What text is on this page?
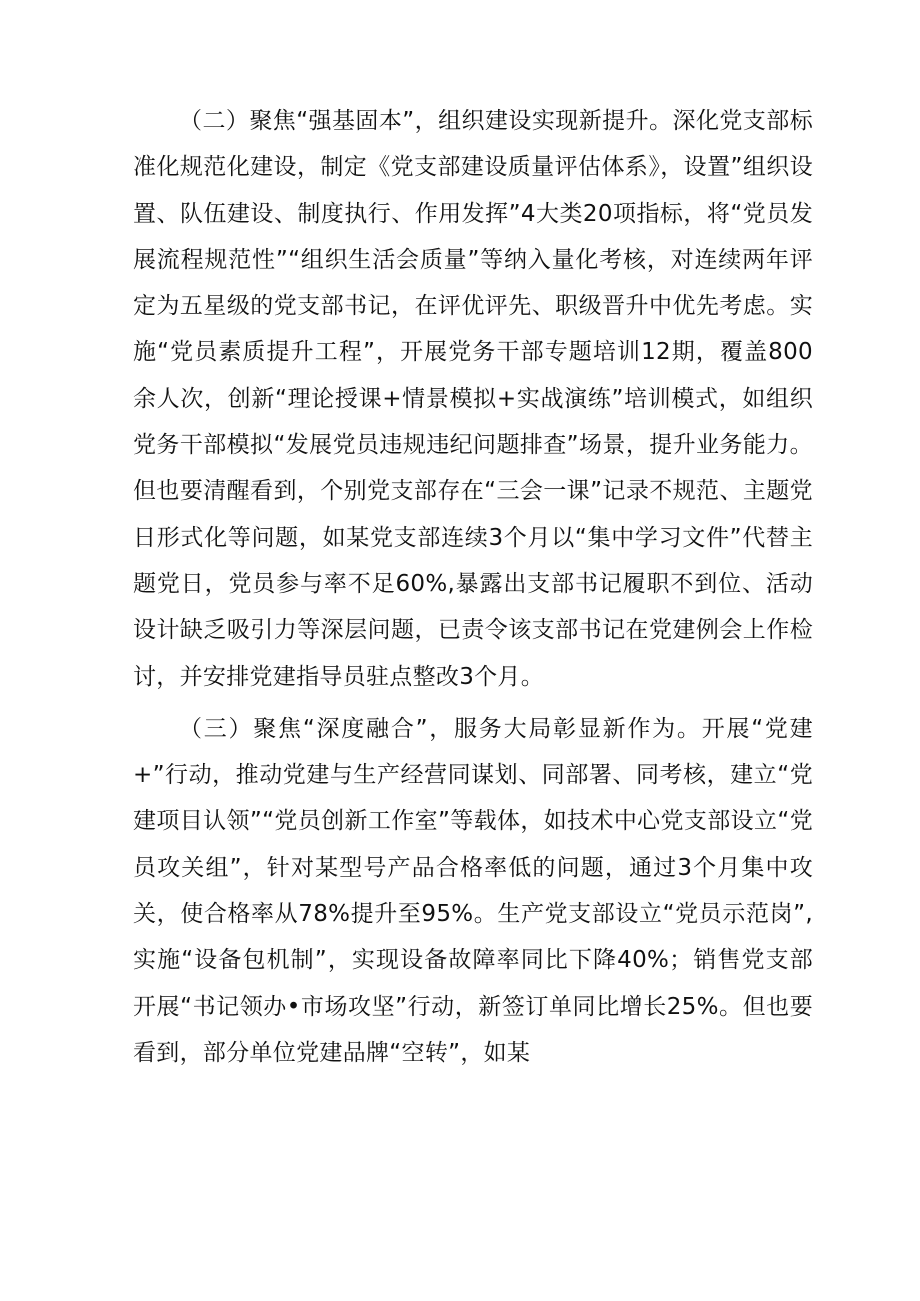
（二）聚焦“强基固本”，组织建设实现新提升。深化党支部标准化规范化建设，制定《党支部建设质量评估体系》，设置”组织设置、队伍建设、制度执行、作用发挥”4大类20项指标，将“党员发展流程规范性”“组织生活会质量”等纳入量化考核，对连续两年评定为五星级的党支部书记，在评优评先、职级晋升中优先考虑。实施“党员素质提升工程”，开展党务干部专题培训12期，覆盖800余人次，创新“理论授课+情景模拟+实战演练”培训模式，如组织党务干部模拟“发展党员违规违纪问题排查”场景，提升业务能力。但也要清醒看到，个别党支部存在“三会一课”记录不规范、主题党日形式化等问题，如某党支部连续3个月以“集中学习文件”代替主题党日，党员参与率不足60%,暴露出支部书记履职不到位、活动设计缺乏吸引力等深层问题，已责令该支部书记在党建例会上作检讨，并安排党建指导员驻点整改3个月。

（三）聚焦“深度融合”，服务大局彰显新作为。开展“党建+”行动，推动党建与生产经营同谋划、同部署、同考核，建立“党建项目认领”“党员创新工作室”等载体，如技术中心党支部设立“党员攻关组”，针对某型号产品合格率低的问题，通过3个月集中攻关，使合格率从78%提升至95%。生产党支部设立“党员示范岗”,实施“设备包机制”，实现设备故障率同比下降40%；销售党支部开展“书记领办•市场攻坚”行动，新签订单同比增长25%。但也要看到，部分单位党建品牌“空转”，如某
